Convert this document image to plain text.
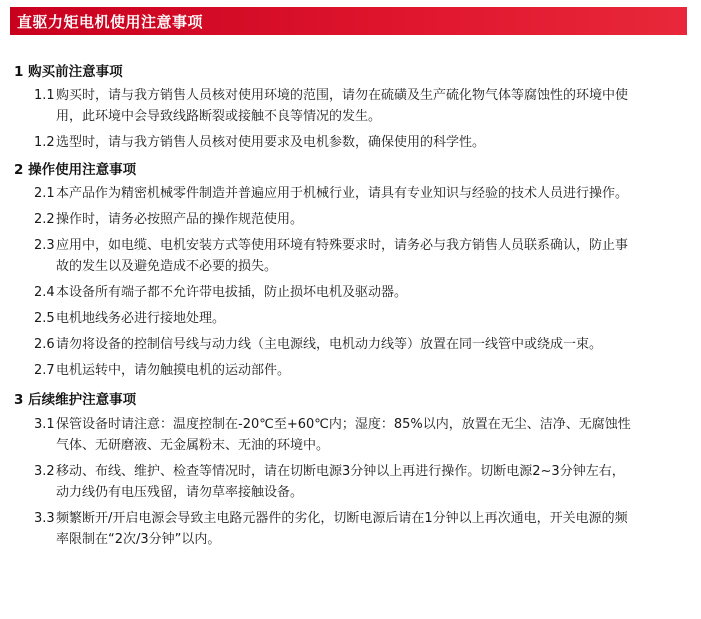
直驱力矩电机使用注意事项
1 购买前注意事项
1.1 购买时，请与我方销售人员核对使用环境的范围，请勿在硫磺及生产硫化物气体等腐蚀性的环境中使用，此环境中会导致线路断裂或接触不良等情况的发生。
1.2 选型时，请与我方销售人员核对使用要求及电机参数，确保使用的科学性。
2 操作使用注意事项
2.1 本产品作为精密机械零件制造并普遍应用于机械行业，请具有专业知识与经验的技术人员进行操作。
2.2 操作时，请务必按照产品的操作规范使用。
2.3 应用中，如电缆、电机安装方式等使用环境有特殊要求时，请务必与我方销售人员联系确认，防止事故的发生以及避免造成不必要的损失。
2.4 本设备所有端子都不允许带电拔插，防止损坏电机及驱动器。
2.5 电机地线务必进行接地处理。
2.6 请勿将设备的控制信号线与动力线（主电源线，电机动力线等）放置在同一线管中或绕成一束。
2.7 电机运转中，请勿触摸电机的运动部件。
3 后续维护注意事项
3.1 保管设备时请注意：温度控制在-20℃至+60℃内；湿度：85%以内，放置在无尘、洁净、无腐蚀性气体、无研磨液、无金属粉末、无油的环境中。
3.2 移动、布线、维护、检查等情况时，请在切断电源3分钟以上再进行操作。切断电源2~3分钟左右，动力线仍有电压残留，请勿草率接触设备。
3.3 频繁断开/开启电源会导致主电路元器件的劣化，切断电源后请在1分钟以上再次通电，开关电源的频率限制在“2次/3分钟”以内。
